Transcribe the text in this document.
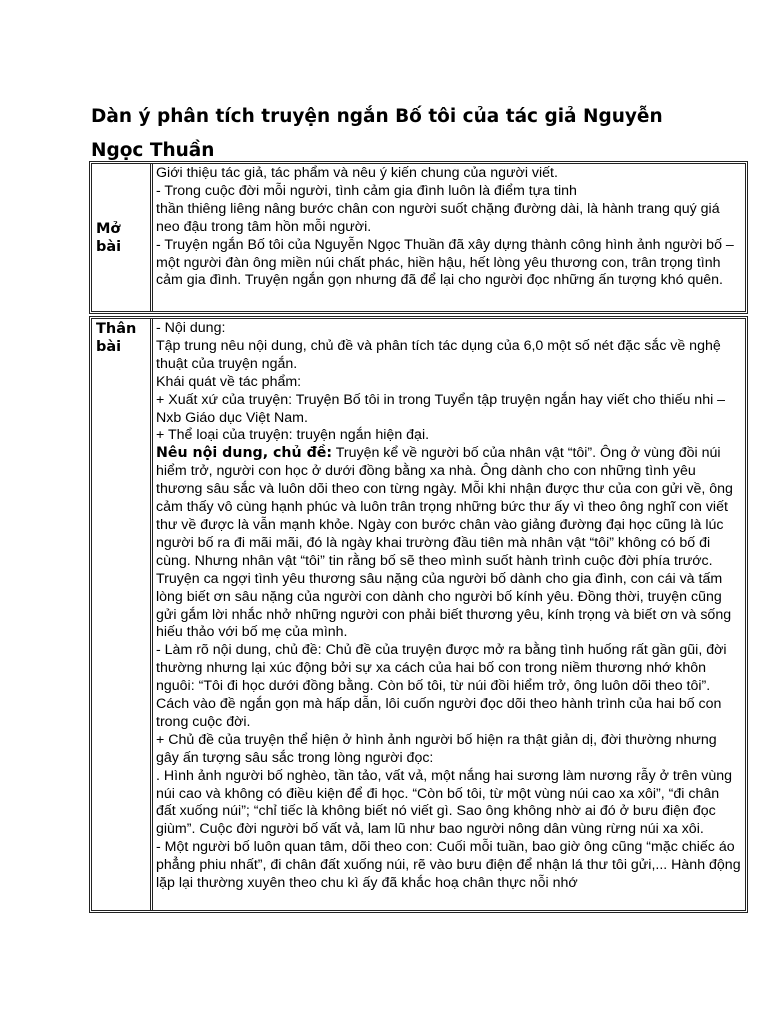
Dàn ý phân tích truyện ngắn Bố tôi của tác giả Nguyễn Ngọc Thuần
Mở bài

Giới thiệu tác giả, tác phẩm và nêu ý kiến chung của người viết.

- Trong cuộc đời mỗi người, tình cảm gia đình luôn là điểm tựa tinh

thần thiêng liêng nâng bước chân con người suốt chặng đường dài, là hành trang quý giá neo đậu trong tâm hồn mỗi người.

- Truyện ngắn Bố tôi của Nguyễn Ngọc Thuần đã xây dựng thành công hình ảnh người bố – một người đàn ông miền núi chất phác, hiền hậu, hết lòng yêu thương con, trân trọng tình cảm gia đình. Truyện ngắn gọn nhưng đã để lại cho người đọc những ấn tượng khó quên.

Thân bài

- Nội dung:

Tập trung nêu nội dung, chủ đề và phân tích tác dụng của 6,0 một số nét đặc sắc về nghệ thuật của truyện ngắn.

Khái quát về tác phẩm:

+ Xuất xứ của truyện: Truyện Bố tôi in trong Tuyển tập truyện ngắn hay viết cho thiếu nhi – Nxb Giáo dục Việt Nam.

+ Thể loại của truyện: truyện ngắn hiện đại.

Nêu nội dung, chủ đề: Truyện kể về người bố của nhân vật “tôi”. Ông ở vùng đồi núi hiểm trở, người con học ở dưới đồng bằng xa nhà. Ông dành cho con những tình yêu thương sâu sắc và luôn dõi theo con từng ngày. Mỗi khi nhận được thư của con gửi về, ông cảm thấy vô cùng hạnh phúc và luôn trân trọng những bức thư ấy vì theo ông nghĩ con viết thư về được là vẫn mạnh khỏe. Ngày con bước chân vào giảng đường đại học cũng là lúc người bố ra đi mãi mãi, đó là ngày khai trường đầu tiên mà nhân vật “tôi” không có bố đi cùng. Nhưng nhân vật “tôi” tin rằng bố sẽ theo mình suốt hành trình cuộc đời phía trước. Truyện ca ngợi tình yêu thương sâu nặng của người bố dành cho gia đình, con cái và tấm lòng biết ơn sâu nặng của người con dành cho người bố kính yêu. Đồng thời, truyện cũng gửi gắm lời nhắc nhở những người con phải biết thương yêu, kính trọng và biết ơn và sống hiếu thảo với bố mẹ của mình.

- Làm rõ nội dung, chủ đề: Chủ đề của truyện được mở ra bằng tình huống rất gần gũi, đời thường nhưng lại xúc động bởi sự xa cách của hai bố con trong niềm thương nhớ khôn nguôi: “Tôi đi học dưới đồng bằng. Còn bố tôi, từ núi đồi hiểm trở, ông luôn dõi theo tôi”. Cách vào đề ngắn gọn mà hấp dẫn, lôi cuốn người đọc dõi theo hành trình của hai bố con trong cuộc đời.

+ Chủ đề của truyện thể hiện ở hình ảnh người bố hiện ra thật giản dị, đời thường nhưng gây ấn tượng sâu sắc trong lòng người đọc:

. Hình ảnh người bố nghèo, tần tảo, vất vả, một nắng hai sương làm nương rẫy ở trên vùng núi cao và không có điều kiện để đi học. “Còn bố tôi, từ một vùng núi cao xa xôi”, “đi chân đất xuống núi”; “chỉ tiếc là không biết nó viết gì. Sao ông không nhờ ai đó ở bưu điện đọc giùm”. Cuộc đời người bố vất vả, lam lũ như bao người nông dân vùng rừng núi xa xôi.

- Một người bố luôn quan tâm, dõi theo con: Cuối mỗi tuần, bao giờ ông cũng “mặc chiếc áo phẳng phiu nhất”, đi chân đất xuống núi, rẽ vào bưu điện để nhận lá thư tôi gửi,... Hành động lặp lại thường xuyên theo chu kì ấy đã khắc hoạ chân thực nỗi nhớ
